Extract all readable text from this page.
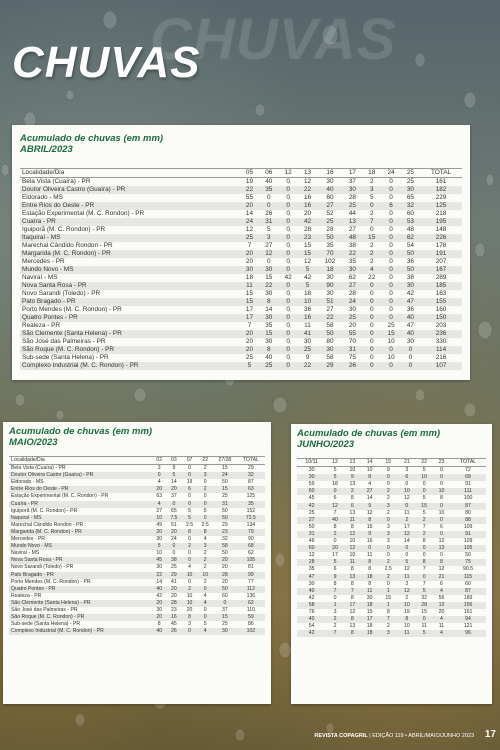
CHUVAS
CHUVAS
Acumulado de chuvas (em mm)
ABRIL/2023
Localidade/Dia	05	06	12	13	16	17	18	24	25	TOTAL
Bela Vista (Cuaíra) - PR	19	40	0	12	30	37	2	0	25	161
Doutor Oliveira Castro (Guaíra) - PR	22	35	0	22	40	30	3	0	30	182
Eldorado - MS	55	0	0	16	60	28	5	0	65	229
Entre Rios do Oeste - PR	20	0	0	16	27	25	0	6	32	125
Estação Experimental (M. C. Rondon) - PR	14	26	0	20	52	44	2	0	60	218
Cuaíra - PR	24	31	0	42	25	13	7	0	53	195
Iguiporã (M. C. Rondon) - PR	12	5	0	28	28	27	0	0	48	148
Itaquiraí - MS	25	3	0	23	50	48	15	0	62	226
Marechal Cândido Rondon - PR	7	27	0	15	35	38	2	0	54	178
Margarida (M. C. Rondon) - PR	20	12	0	15	70	22	2	0	50	191
Mercedes - PR	20	0	0	12	102	35	2	0	36	207
Mundo Novo - MS	30	30	0	5	18	30	4	0	50	167
Naviraí - MS	18	15	42	42	30	62	22	0	38	289
Nova Santa Rosa - PR	11	22	0	5	90	27	0	0	30	185
Novo Sarandi (Toledo) - PR	15	30	0	18	30	28	0	0	42	163
Pato Bragado - PR	15	8	0	10	51	24	0	0	47	155
Porto Mendes (M. C. Rondon) - PR	17	14	0	36	27	30	0	0	36	160
Quatro Pontes - PR	17	30	0	16	22	25	0	0	40	150
Realeza - PR	7	35	0	11	58	20	0	25	47	203
São Clemente (Santa Helena) - PR	20	15	0	41	50	55	0	15	40	236
São José das Palmeiras - PR	20	30	0	30	80	70	0	10	30	330
São Roque (M. C. Rondon) - PR	20	8	0	25	30	31	0	0	0	114
Sub-sede (Santa Helena) - PR	25	40	0	9	58	75	0	10	0	216
Complexo Industrial (M. C. Rondon) - PR	5	25	0	22	29	26	0	0	0	107
Acumulado de chuvas (em mm)
MAIO/2023
Localidade/Dia	02	03	07	22	27/28	TOTAL
Bela Vista (Cuaíra) - PR	3	9	0	2	15	29
Doutor Oliveira Castro (Guaíra) - PR	0	5	0	3	24	32
Eldorado - MS	4	14	19	0	50	87
Entre Rios do Oeste - PR	20	20	6	2	15	63
Estação Experimental (M. C. Rondon) - PR	63	37	0	0	25	125
Cuaíra - PR	4	0	0	0	31	35
Iguiporã (M. C. Rondon) - PR	27	65	5	5	50	152
Itaquiraí - MS	10	7.5	5	0	50	72.5
Marechal Cândido Rondon - PR	49	51	2.5	2.5	29	134
Margarida (M. C. Rondon) - PR	20	20	8	8	23	79
Mercedes - PR	30	24	0	4	32	90
Mundo Novo - MS	5	0	2	3	58	68
Naviraí - MS	10	0	0	2	50	62
Nova Santa Rosa - PR	45	38	0	2	20	105
Novo Sarandi (Toledo) - PR	30	25	4	2	20	81
Pato Bragado - PR	22	29	10	10	28	99
Porto Mendes (M. C. Rondon) - PR	14	41	0	2	20	77
Quatro Pontes - PR	40	20	2	0	50	112
Realeza - PR	42	20	10	4	60	136
São Clemente (Santa Helena) - PR	20	28	10	4	0	62
São José das Palmeiras - PR	30	23	20	0	37	110
São Roque (M. C. Rondon) - PR	20	16	8	0	15	59
Sub-sede (Santa Helena) - PR	8	45	3	5	25	86
Complexo Industrial (M. C. Rondon) - PR	40	26	0	4	30	102
Acumulado de chuvas (em mm)
JUNHO/2023
10/11	12	13	14	15	21	22	23	TOTAL
30	5	10	10	9	3	5	0	72
30	5	9	8	0	6	10	0	68
59	18	13	4	0	0	0	0	91
60	0	2	27	2	10	0	10	111
45	6	8	14	2	12	5	8	100
42	12	6	9	3	0	15	0	87
25	7	13	12	2	11	5	10	80
27	40	11	8	0	2	2	0	88
50	8	8	15	3	17	7	6	109
31	2	12	9	3	12	2	0	91
46	0	10	16	3	14	8	12	109
60	20	12	0	0	0	0	13	105
12	17	10	11	0	0	0	0	50
28	5	11	8	2	5	8	8	75
35	6	8	8	2.5	12	7	12	90.5
47	9	13	18	2	11	0	21	115
30	8	8	8	0	3	7	6	60
40	7	7	11	1	12	5	4	87
42	0	8	30	15	2	32	56	189
58	1	17	18	1	10	28	12	156
76	3	12	15	8	19	15	20	161
40	2	8	17	7	8	0	4	94
54	2	13	18	2	10	11	11	121
42	7	8	18	3	11	5	4	96
REVISTA COPAGRIL | EDIÇÃO 119 • ABRIL/MAIO/JUNHO 2023 17
